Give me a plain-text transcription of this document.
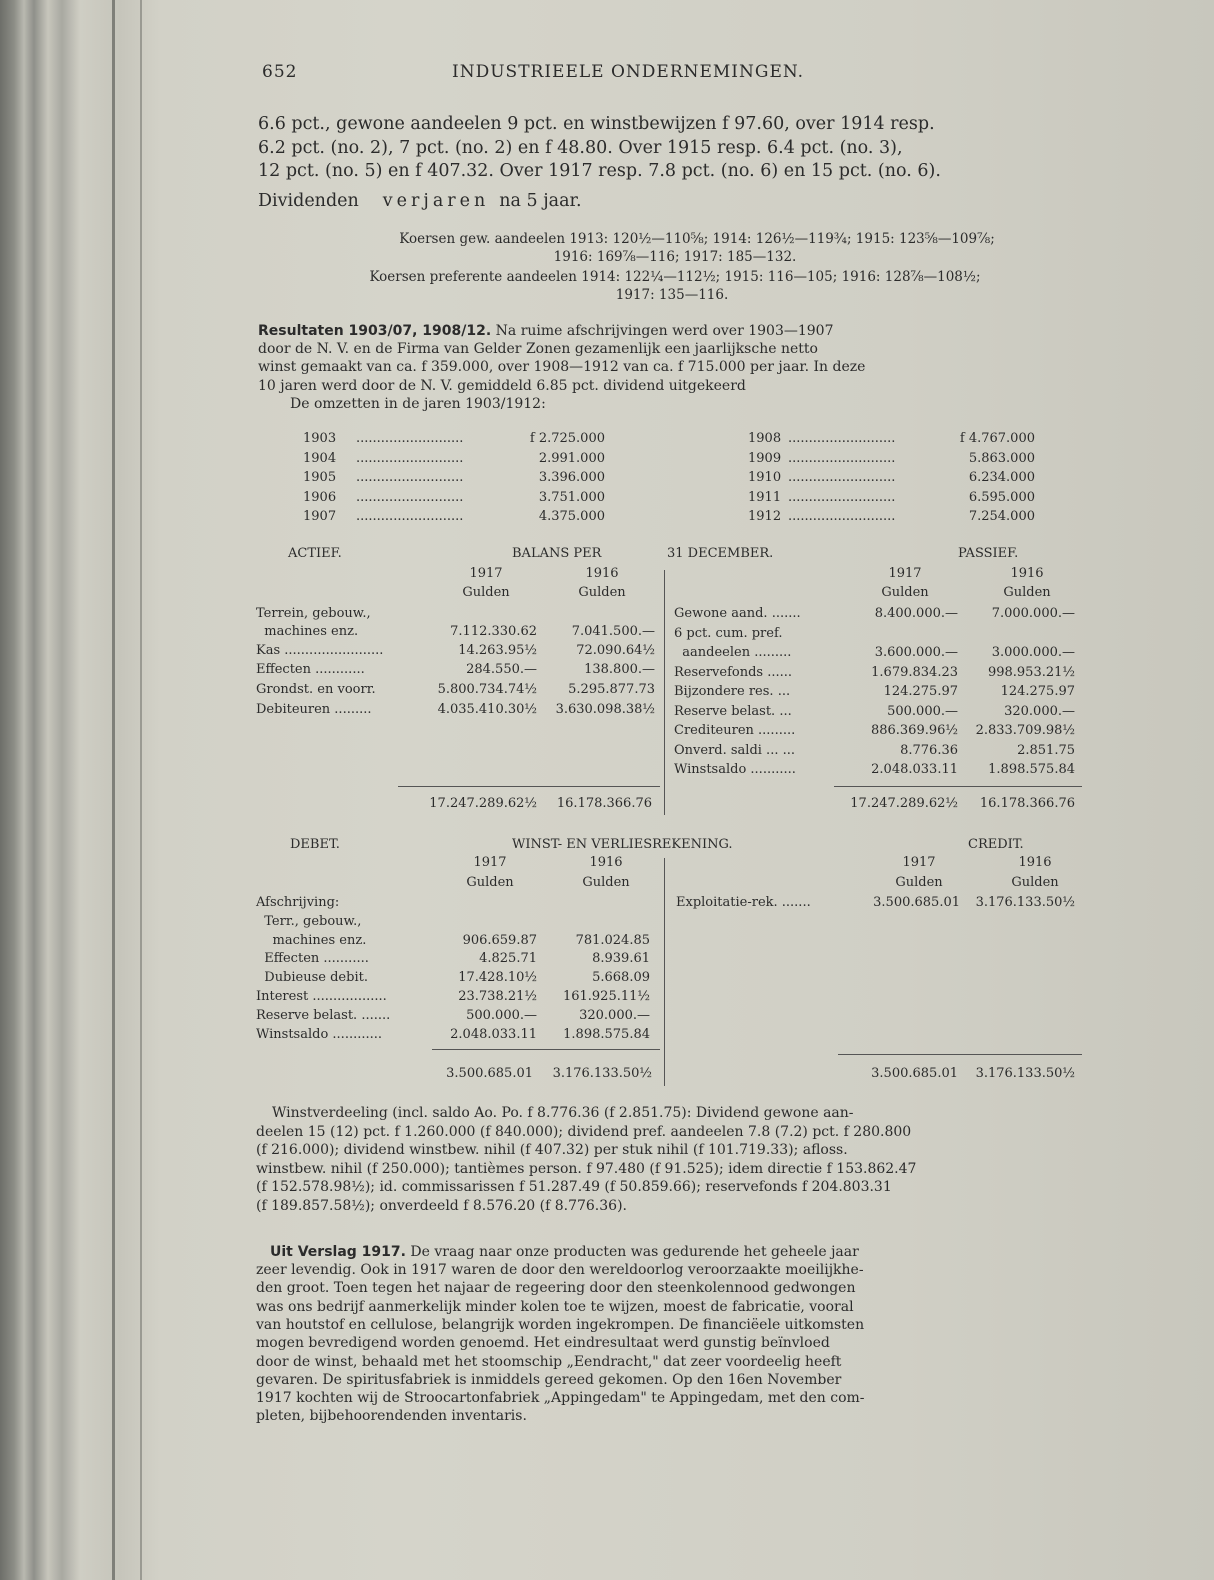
652	INDUSTRIEELE ONDERNEMINGEN.
6.6 pct., gewone aandeelen 9 pct. en winstbewijzen f 97.60, over 1914 resp.
6.2 pct. (no. 2), 7 pct. (no. 2) en f 48.80. Over 1915 resp. 6.4 pct. (no. 3),
12 pct. (no. 5) en f 407.32. Over 1917 resp. 7.8 pct. (no. 6) en 15 pct. (no. 6).
Dividenden verjaren na 5 jaar.
Koersen gew. aandeelen 1913: 120½—110⅝; 1914: 126½—119¾; 1915: 123⅝—109⅞;
1916: 169⅞—116; 1917: 185—132.
Koersen preferente aandeelen 1914: 122¼—112½; 1915: 116—105; 1916: 128⅞—108½;
1917: 135—116.
Resultaten 1903/07, 1908/12. Na ruime afschrijvingen werd over 1903—1907
door de N. V. en de Firma van Gelder Zonen gezamenlijk een jaarlijksche netto
winst gemaakt van ca. f 359.000, over 1908—1912 van ca. f 715.000 per jaar. In deze
10 jaren werd door de N. V. gemiddeld 6.85 pct. dividend uitgekeerd
De omzetten in de jaren 1903/1912:
1903 ..........................	f 2.725.000
1904 ..........................	2.991.000
1905 ..........................	3.396.000
1906 ..........................	3.751.000
1907 ..........................	4.375.000
1908 ..........................	f 4.767.000
1909 ..........................	5.863.000
1910 ..........................	6.234.000
1911 ..........................	6.595.000
1912 ..........................	7.254.000
ACTIEF.	BALANS PER	31 DECEMBER.	PASSIEF.
1917	1916	1917	1916
Gulden	Gulden	Gulden	Gulden
Terrein, gebouw.,
machines enz.	7.112.330.62	7.041.500.—
Kas ........................	14.263.95½	72.090.64½
Effecten ............	284.550.—	138.800.—
Grondst. en voorr.	5.800.734.74½ 5.295.877.73
Debiteuren .........	4.035.410.30½ 3.630.098.38½
Gewone aand. .......	8.400.000.—	7.000.000.—
6 pct. cum. pref.
aandeelen .........	3.600.000.—	3.000.000.—
Reservefonds ......	1.679.834.23 998.953.21½
Bijzondere res. ...	124.275.97	124.275.97
Reserve belast. ...	500.000.—	320.000.—
Crediteuren .........	886.369.96½ 2.833.709.98½
Onverd. saldi ... ...	8.776.36	2.851.75
Winstsaldo ...........	2.048.033.11 1.898.575.84
17.247.289.62½ 16.178.366.76	17.247.289.62½ 16.178.366.76
DEBET.	WINST- EN VERLIESREKENING.	CREDIT.
1917	1916	1917	1916
Gulden	Gulden	Gulden	Gulden
Afschrijving:
Terr., gebouw.,
machines enz.	906.659.87	781.024.85
Effecten ...........	4.825.71	8.939.61
Dubieuse debit.	17.428.10½	5.668.09
Interest ..................	23.738.21½ 161.925.11½
Reserve belast. .......	500.000.—	320.000.—
Winstsaldo ............	2.048.033.11 1.898.575.84
Exploitatie-rek. .......	3.500.685.01 3.176.133.50½
3.500.685.01 3.176.133.50½	3.500.685.01 3.176.133.50½
Winstverdeeling (incl. saldo Ao. Po. f 8.776.36 (f 2.851.75): Dividend gewone aan-
deelen 15 (12) pct. f 1.260.000 (f 840.000); dividend pref. aandeelen 7.8 (7.2) pct. f 280.800
(f 216.000); dividend winstbew. nihil (f 407.32) per stuk nihil (f 101.719.33); afloss.
winstbew. nihil (f 250.000); tantièmes person. f 97.480 (f 91.525); idem directie f 153.862.47
(f 152.578.98½); id. commissarissen f 51.287.49 (f 50.859.66); reservefonds f 204.803.31
(f 189.857.58½); onverdeeld f 8.576.20 (f 8.776.36).
Uit Verslag 1917. De vraag naar onze producten was gedurende het geheele jaar
zeer levendig. Ook in 1917 waren de door den wereldoorlog veroorzaakte moeilijkhe-
den groot. Toen tegen het najaar de regeering door den steenkolennood gedwongen
was ons bedrijf aanmerkelijk minder kolen toe te wijzen, moest de fabricatie, vooral
van houtstof en cellulose, belangrijk worden ingekrompen. De financiëele uitkomsten
mogen bevredigend worden genoemd. Het eindresultaat werd gunstig beïnvloed
door de winst, behaald met het stoomschip „Eendracht," dat zeer voordeelig heeft
gevaren. De spiritusfabriek is inmiddels gereed gekomen. Op den 16en November
1917 kochten wij de Stroocartonfabriek „Appingedam" te Appingedam, met den com-
pleten, bijbehoorendenden inventaris.
